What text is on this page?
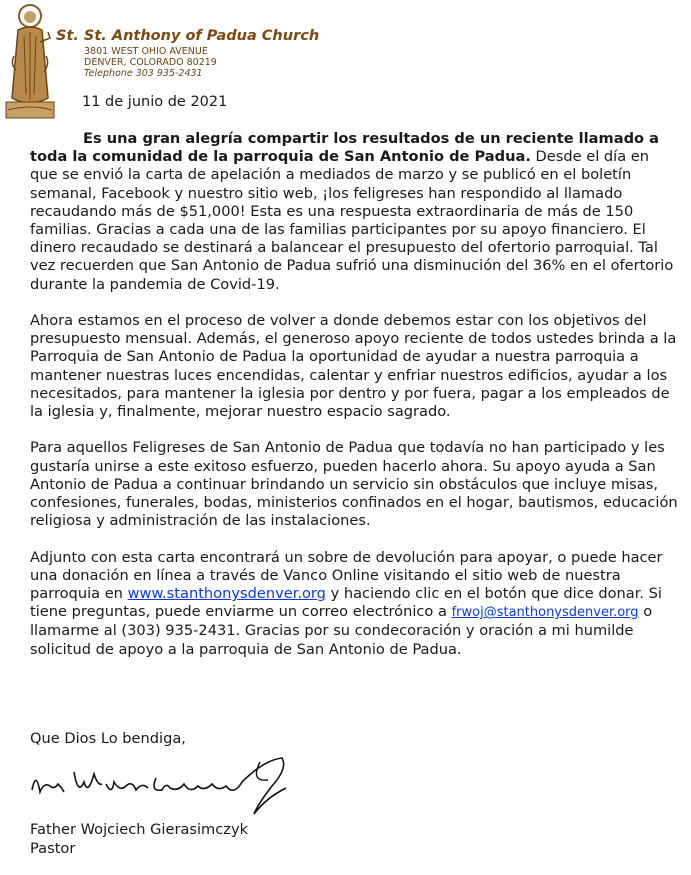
St. St. Anthony of Padua Church
3801 WEST OHIO AVENUE
DENVER, COLORADO 80219
Telephone 303 935-2431
11 de junio de 2021

Es una gran alegría compartir los resultados de un reciente llamado a toda la comunidad de la parroquia de San Antonio de Padua. Desde el día en que se envió la carta de apelación a mediados de marzo y se publicó en el boletín semanal, Facebook y nuestro sitio web, ¡los feligreses han respondido al llamado recaudando más de $51,000! Esta es una respuesta extraordinaria de más de 150 familias. Gracias a cada una de las familias participantes por su apoyo financiero. El dinero recaudado se destinará a balancear el presupuesto del ofertorio parroquial. Tal vez recuerden que San Antonio de Padua sufrió una disminución del 36% en el ofertorio durante la pandemia de Covid-19.

Ahora estamos en el proceso de volver a donde debemos estar con los objetivos del presupuesto mensual. Además, el generoso apoyo reciente de todos ustedes brinda a la Parroquia de San Antonio de Padua la oportunidad de ayudar a nuestra parroquia a mantener nuestras luces encendidas, calentar y enfriar nuestros edificios, ayudar a los necesitados, para mantener la iglesia por dentro y por fuera, pagar a los empleados de la iglesia y, finalmente, mejorar nuestro espacio sagrado.

Para aquellos Feligreses de San Antonio de Padua que todavía no han participado y les gustaría unirse a este exitoso esfuerzo, pueden hacerlo ahora. Su apoyo ayuda a San Antonio de Padua a continuar brindando un servicio sin obstáculos que incluye misas, confesiones, funerales, bodas, ministerios confinados en el hogar, bautismos, educación religiosa y administración de las instalaciones.

Adjunto con esta carta encontrará un sobre de devolución para apoyar, o puede hacer una donación en línea a través de Vanco Online visitando el sitio web de nuestra parroquia en www.stanthonysdenver.org y haciendo clic en el botón que dice donar. Si tiene preguntas, puede enviarme un correo electrónico a frwoj@stanthonysdenver.org o llamarme al (303) 935-2431. Gracias por su condecoración y oración a mi humilde solicitud de apoyo a la parroquia de San Antonio de Padua.

Que Dios Lo bendiga,
Father Wojciech Gierasimczyk
Pastor
